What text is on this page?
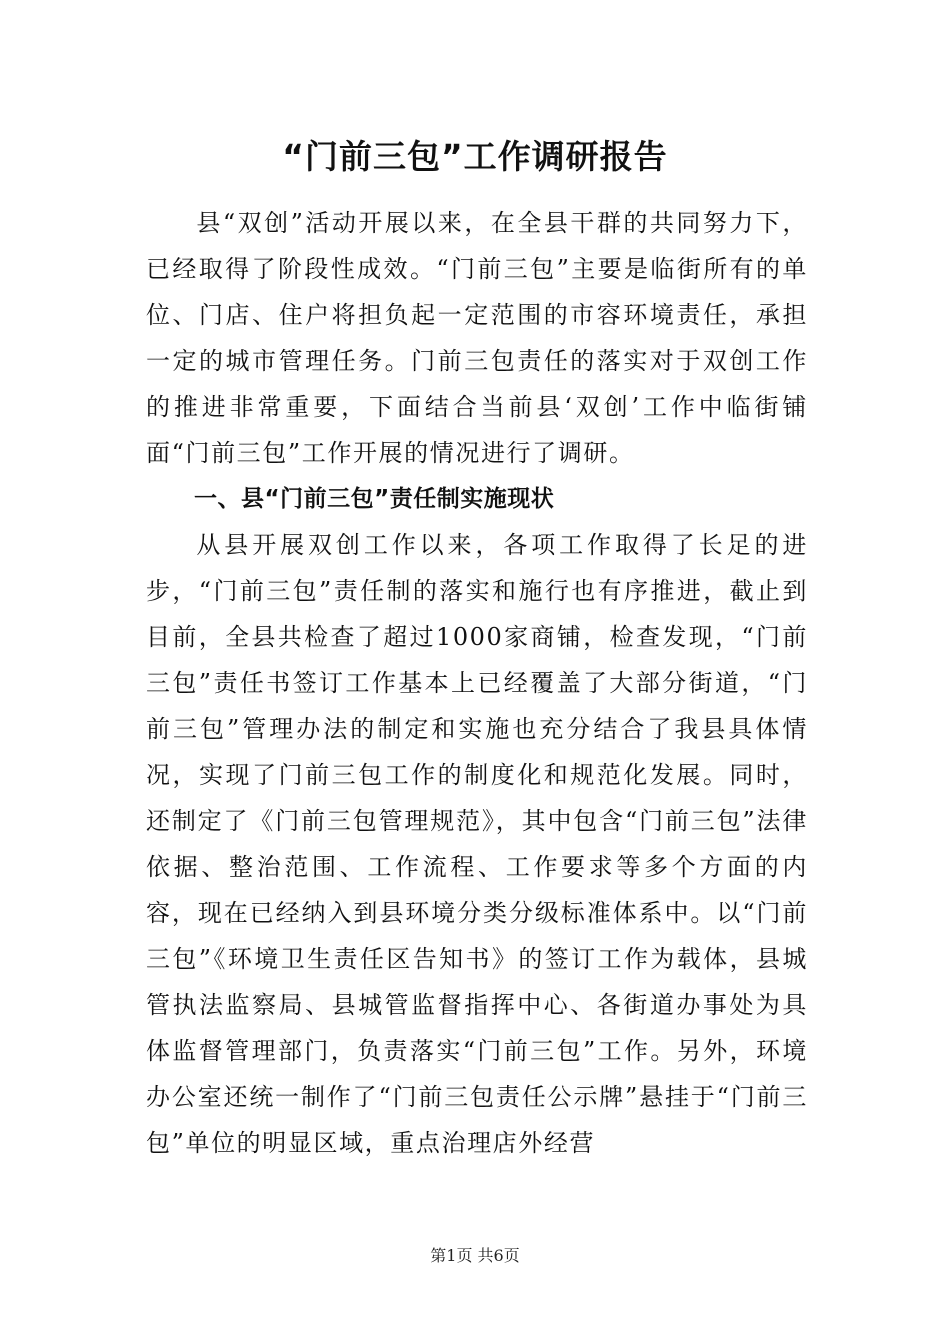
“门前三包”工作调研报告

县“双创”活动开展以来，在全县干群的共同努力下，已经取得了阶段性成效。“门前三包”主要是临街所有的单位、门店、住户将担负起一定范围的市容环境责任，承担一定的城市管理任务。门前三包责任的落实对于双创工作的推进非常重要，下面结合当前县‘双创’工作中临街铺面“门前三包”工作开展的情况进行了调研。

一、县“门前三包”责任制实施现状

从县开展双创工作以来，各项工作取得了长足的进步，“门前三包”责任制的落实和施行也有序推进，截止到目前，全县共检查了超过1000家商铺，检查发现，“门前三包”责任书签订工作基本上已经覆盖了大部分街道，“门前三包”管理办法的制定和实施也充分结合了我县具体情况，实现了门前三包工作的制度化和规范化发展。同时，还制定了《门前三包管理规范》，其中包含“门前三包”法律依据、整治范围、工作流程、工作要求等多个方面的内容，现在已经纳入到县环境分类分级标准体系中。以“门前三包”《环境卫生责任区告知书》的签订工作为载体，县城管执法监察局、县城管监督指挥中心、各街道办事处为具体监督管理部门，负责落实“门前三包”工作。另外，环境办公室还统一制作了“门前三包责任公示牌”悬挂于“门前三包”单位的明显区域，重点治理店外经营

第1页 共6页
